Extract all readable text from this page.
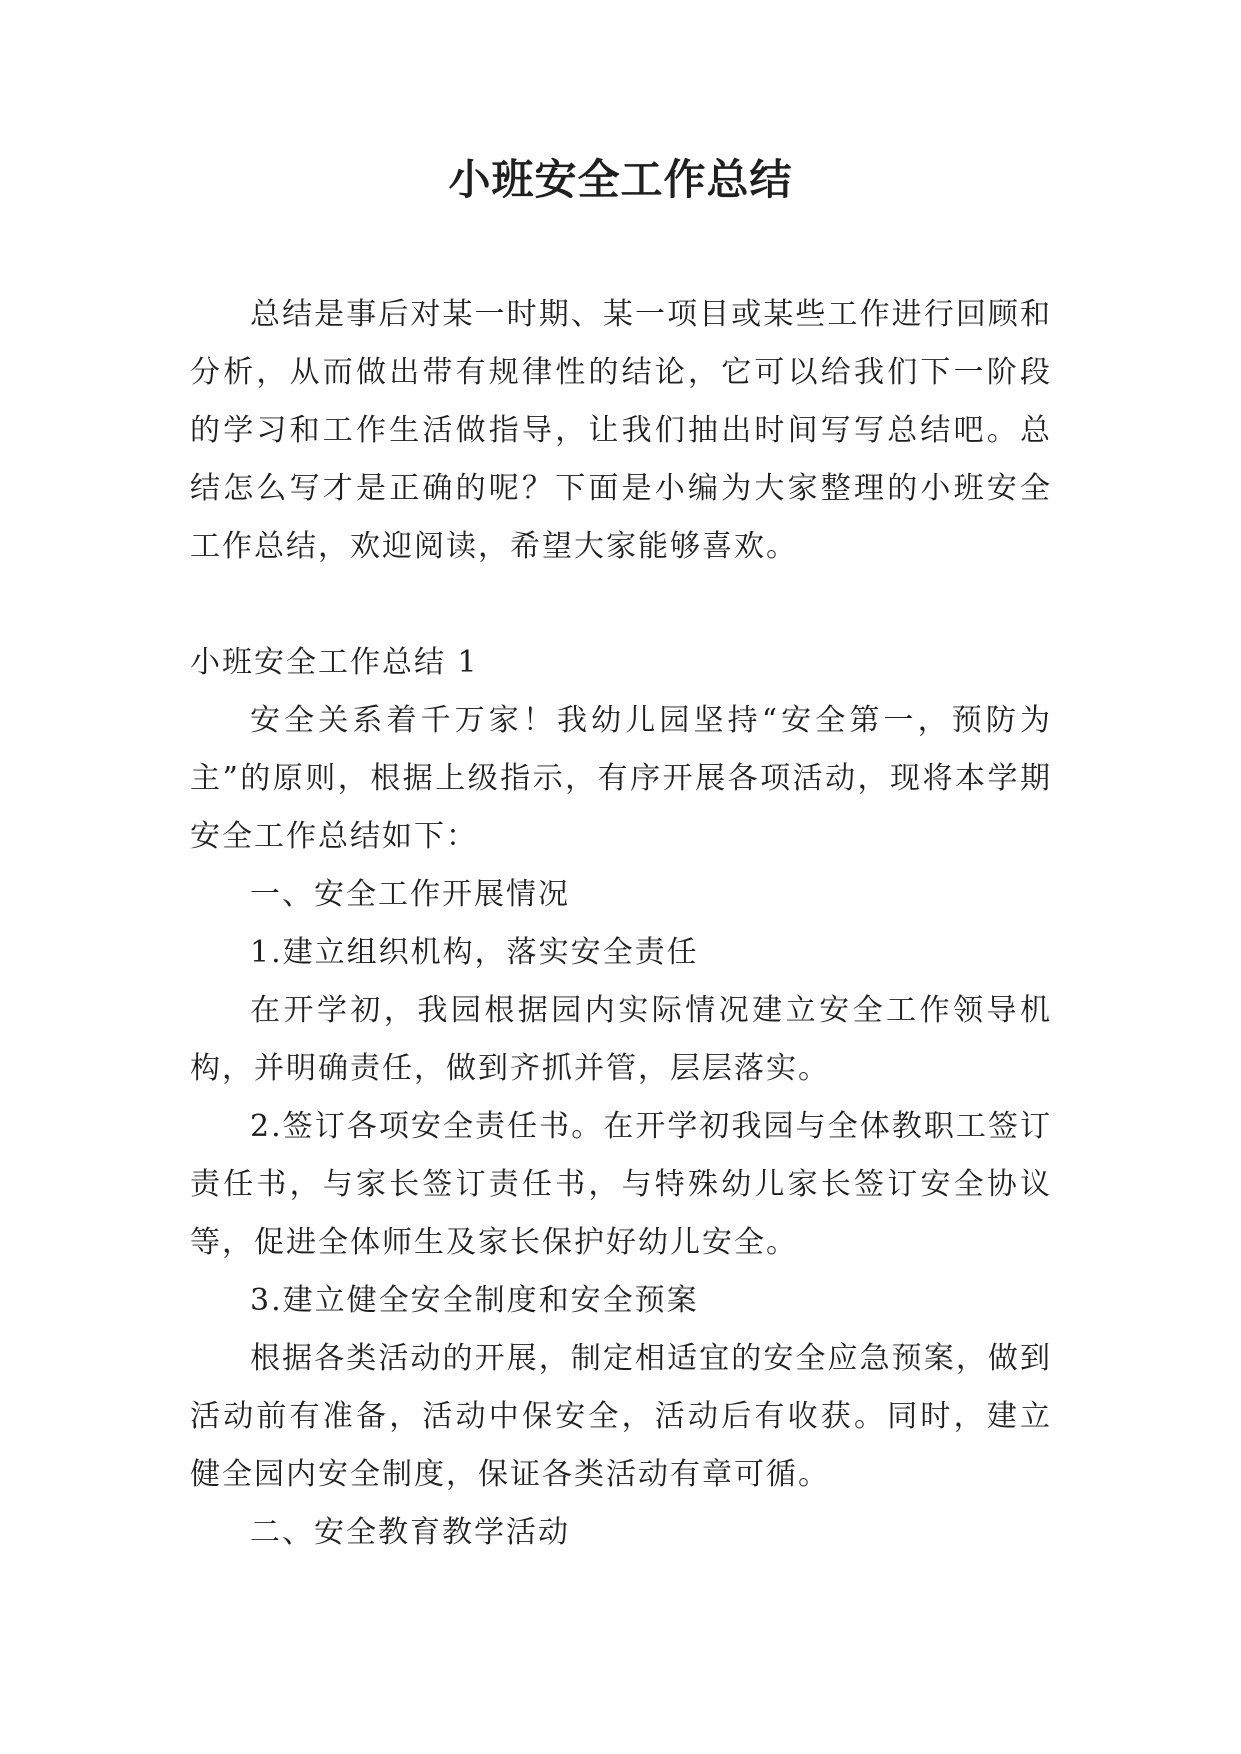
小班安全工作总结

总结是事后对某一时期、某一项目或某些工作进行回顾和分析，从而做出带有规律性的结论，它可以给我们下一阶段的学习和工作生活做指导，让我们抽出时间写写总结吧。总结怎么写才是正确的呢？下面是小编为大家整理的小班安全工作总结，欢迎阅读，希望大家能够喜欢。

小班安全工作总结 1

安全关系着千万家！我幼儿园坚持“安全第一，预防为主”的原则，根据上级指示，有序开展各项活动，现将本学期安全工作总结如下：

一、安全工作开展情况

1.建立组织机构，落实安全责任

在开学初，我园根据园内实际情况建立安全工作领导机构，并明确责任，做到齐抓并管，层层落实。

2.签订各项安全责任书。在开学初我园与全体教职工签订责任书，与家长签订责任书，与特殊幼儿家长签订安全协议等，促进全体师生及家长保护好幼儿安全。

3.建立健全安全制度和安全预案

根据各类活动的开展，制定相适宜的安全应急预案，做到活动前有准备，活动中保安全，活动后有收获。同时，建立健全园内安全制度，保证各类活动有章可循。

二、安全教育教学活动
